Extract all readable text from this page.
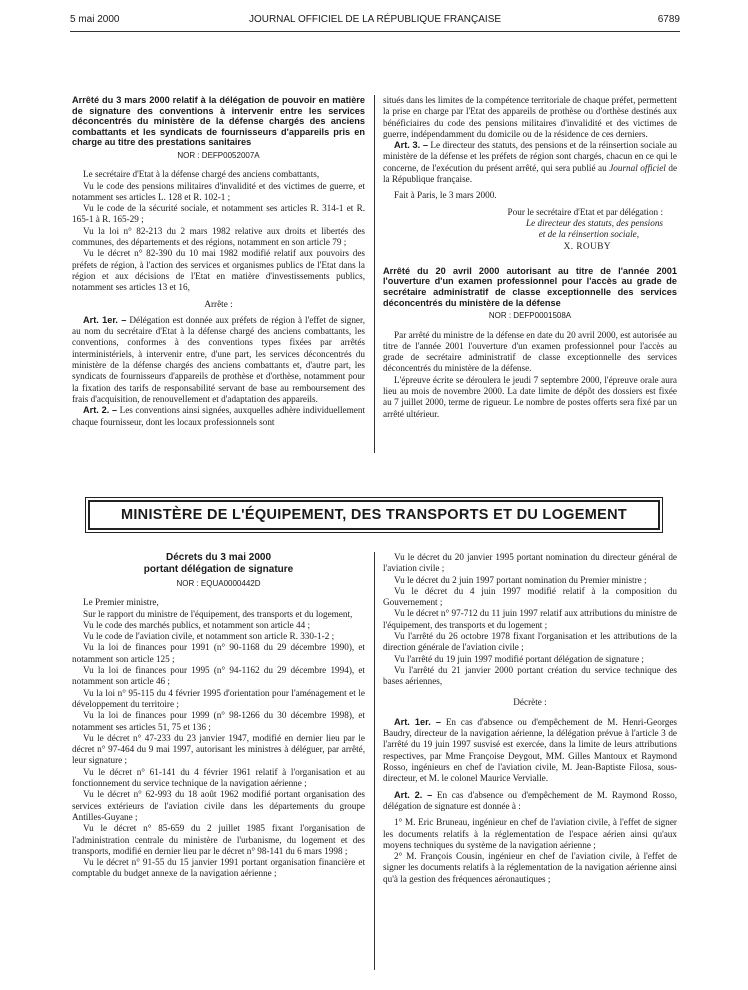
5 mai 2000	JOURNAL OFFICIEL DE LA RÉPUBLIQUE FRANÇAISE	6789
Arrêté du 3 mars 2000 relatif à la délégation de pouvoir en matière de signature des conventions à intervenir entre les services déconcentrés du ministère de la défense chargés des anciens combattants et les syndicats de fournisseurs d'appareils pris en charge au titre des prestations sanitaires
NOR : DEFP0052007A

Le secrétaire d'Etat à la défense chargé des anciens combattants,

Vu le code des pensions militaires d'invalidité et des victimes de guerre, et notamment ses articles L. 128 et R. 102-1 ;

Vu le code de la sécurité sociale, et notamment ses articles R. 314-1 et R. 165-1 à R. 165-29 ;

Vu la loi n° 82-213 du 2 mars 1982 relative aux droits et libertés des communes, des départements et des régions, notamment en son article 79 ;

Vu le décret n° 82-390 du 10 mai 1982 modifié relatif aux pouvoirs des préfets de région, à l'action des services et organismes publics de l'Etat dans la région et aux décisions de l'Etat en matière d'investissements publics, notamment ses articles 13 et 16,

Arrête :

Art. 1er. – Délégation est donnée aux préfets de région à l'effet de signer, au nom du secrétaire d'Etat à la défense chargé des anciens combattants, les conventions, conformes à des conventions types fixées par arrêtés interministériels, à intervenir entre, d'une part, les services déconcentrés du ministère de la défense chargés des anciens combattants et, d'autre part, les syndicats de fournisseurs d'appareils de prothèse et d'orthèse, notamment pour la fixation des tarifs de responsabilité servant de base au remboursement des frais d'acquisition, de renouvellement et d'adaptation des appareils.

Art. 2. – Les conventions ainsi signées, auxquelles adhère individuellement chaque fournisseur, dont les locaux professionnels sont

situés dans les limites de la compétence territoriale de chaque préfet, permettent la prise en charge par l'Etat des appareils de prothèse ou d'orthèse destinés aux bénéficiaires du code des pensions militaires d'invalidité et des victimes de guerre, indépendamment du domicile ou de la résidence de ces derniers.

Art. 3. – Le directeur des statuts, des pensions et de la réinsertion sociale au ministère de la défense et les préfets de région sont chargés, chacun en ce qui le concerne, de l'exécution du présent arrêté, qui sera publié au Journal officiel de la République française.

Fait à Paris, le 3 mars 2000.

Pour le secrétaire d'Etat et par délégation :

Le directeur des statuts, des pensions

et de la réinsertion sociale,

X. ROUBY

Arrêté du 20 avril 2000 autorisant au titre de l'année 2001 l'ouverture d'un examen professionnel pour l'accès au grade de secrétaire administratif de classe exceptionnelle des services déconcentrés du ministère de la défense
NOR : DEFP0001508A

Par arrêté du ministre de la défense en date du 20 avril 2000, est autorisée au titre de l'année 2001 l'ouverture d'un examen professionnel pour l'accès au grade de secrétaire administratif de classe exceptionnelle des services déconcentrés du ministère de la défense.

L'épreuve écrite se déroulera le jeudi 7 septembre 2000, l'épreuve orale aura lieu au mois de novembre 2000. La date limite de dépôt des dossiers est fixée au 7 juillet 2000, terme de rigueur. Le nombre de postes offerts sera fixé par un arrêté ultérieur.

MINISTÈRE DE L'ÉQUIPEMENT, DES TRANSPORTS ET DU LOGEMENT
Décrets du 3 mai 2000
portant délégation de signature
NOR : EQUA0000442D

Le Premier ministre,

Sur le rapport du ministre de l'équipement, des transports et du logement,

Vu le code des marchés publics, et notamment son article 44 ;

Vu le code de l'aviation civile, et notamment son article R. 330-1-2 ;

Vu la loi de finances pour 1991 (n° 90-1168 du 29 décembre 1990), et notamment son article 125 ;

Vu la loi de finances pour 1995 (n° 94-1162 du 29 décembre 1994), et notamment son article 46 ;

Vu la loi n° 95-115 du 4 février 1995 d'orientation pour l'aménagement et le développement du territoire ;

Vu la loi de finances pour 1999 (n° 98-1266 du 30 décembre 1998), et notamment ses articles 51, 75 et 136 ;

Vu le décret n° 47-233 du 23 janvier 1947, modifié en dernier lieu par le décret n° 97-464 du 9 mai 1997, autorisant les ministres à déléguer, par arrêté, leur signature ;

Vu le décret n° 61-141 du 4 février 1961 relatif à l'organisation et au fonctionnement du service technique de la navigation aérienne ;

Vu le décret n° 62-993 du 18 août 1962 modifié portant organisation des services extérieurs de l'aviation civile dans les départements du groupe Antilles-Guyane ;

Vu le décret n° 85-659 du 2 juillet 1985 fixant l'organisation de l'administration centrale du ministère de l'urbanisme, du logement et des transports, modifié en dernier lieu par le décret n° 98-141 du 6 mars 1998 ;

Vu le décret n° 91-55 du 15 janvier 1991 portant organisation financière et comptable du budget annexe de la navigation aérienne ;

Vu le décret du 20 janvier 1995 portant nomination du directeur général de l'aviation civile ;

Vu le décret du 2 juin 1997 portant nomination du Premier ministre ;

Vu le décret du 4 juin 1997 modifié relatif à la composition du Gouvernement ;

Vu le décret n° 97-712 du 11 juin 1997 relatif aux attributions du ministre de l'équipement, des transports et du logement ;

Vu l'arrêté du 26 octobre 1978 fixant l'organisation et les attributions de la direction générale de l'aviation civile ;

Vu l'arrêté du 19 juin 1997 modifié portant délégation de signature ;

Vu l'arrêté du 21 janvier 2000 portant création du service technique des bases aériennes,

Décrète :

Art. 1er. – En cas d'absence ou d'empêchement de M. Henri-Georges Baudry, directeur de la navigation aérienne, la délégation prévue à l'article 3 de l'arrêté du 19 juin 1997 susvisé est exercée, dans la limite de leurs attributions respectives, par Mme Françoise Deygout, MM. Gilles Mantoux et Raymond Rosso, ingénieurs en chef de l'aviation civile, M. Jean-Baptiste Filosa, sous-directeur, et M. le colonel Maurice Vervialle.

Art. 2. – En cas d'absence ou d'empêchement de M. Raymond Rosso, délégation de signature est donnée à :

1° M. Eric Bruneau, ingénieur en chef de l'aviation civile, à l'effet de signer les documents relatifs à la réglementation de l'espace aérien ainsi qu'aux moyens techniques du système de la navigation aérienne ;

2° M. François Cousin, ingénieur en chef de l'aviation civile, à l'effet de signer les documents relatifs à la réglementation de la navigation aérienne ainsi qu'à la gestion des fréquences aéronautiques ;
